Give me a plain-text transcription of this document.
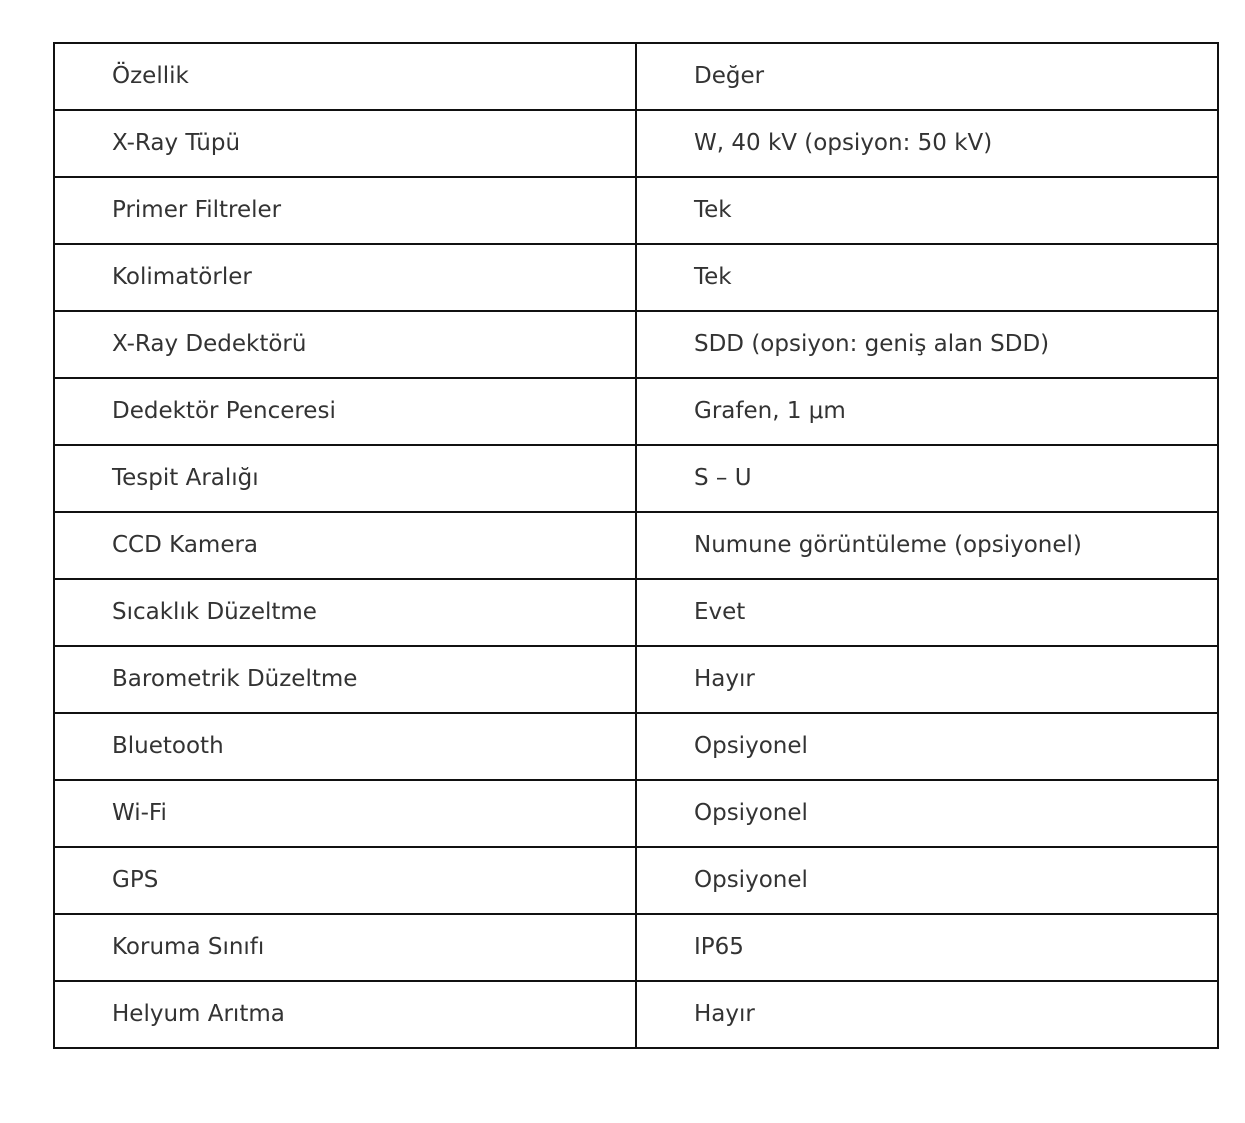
Özellik	Değer
X-Ray Tüpü	W, 40 kV (opsiyon: 50 kV)
Primer Filtreler	Tek
Kolimatörler	Tek
X-Ray Dedektörü	SDD (opsiyon: geniş alan SDD)
Dedektör Penceresi	Grafen, 1 μm
Tespit Aralığı	S – U
CCD Kamera	Numune görüntüleme (opsiyonel)
Sıcaklık Düzeltme	Evet
Barometrik Düzeltme	Hayır
Bluetooth	Opsiyonel
Wi-Fi	Opsiyonel
GPS	Opsiyonel
Koruma Sınıfı	IP65
Helyum Arıtma	Hayır
